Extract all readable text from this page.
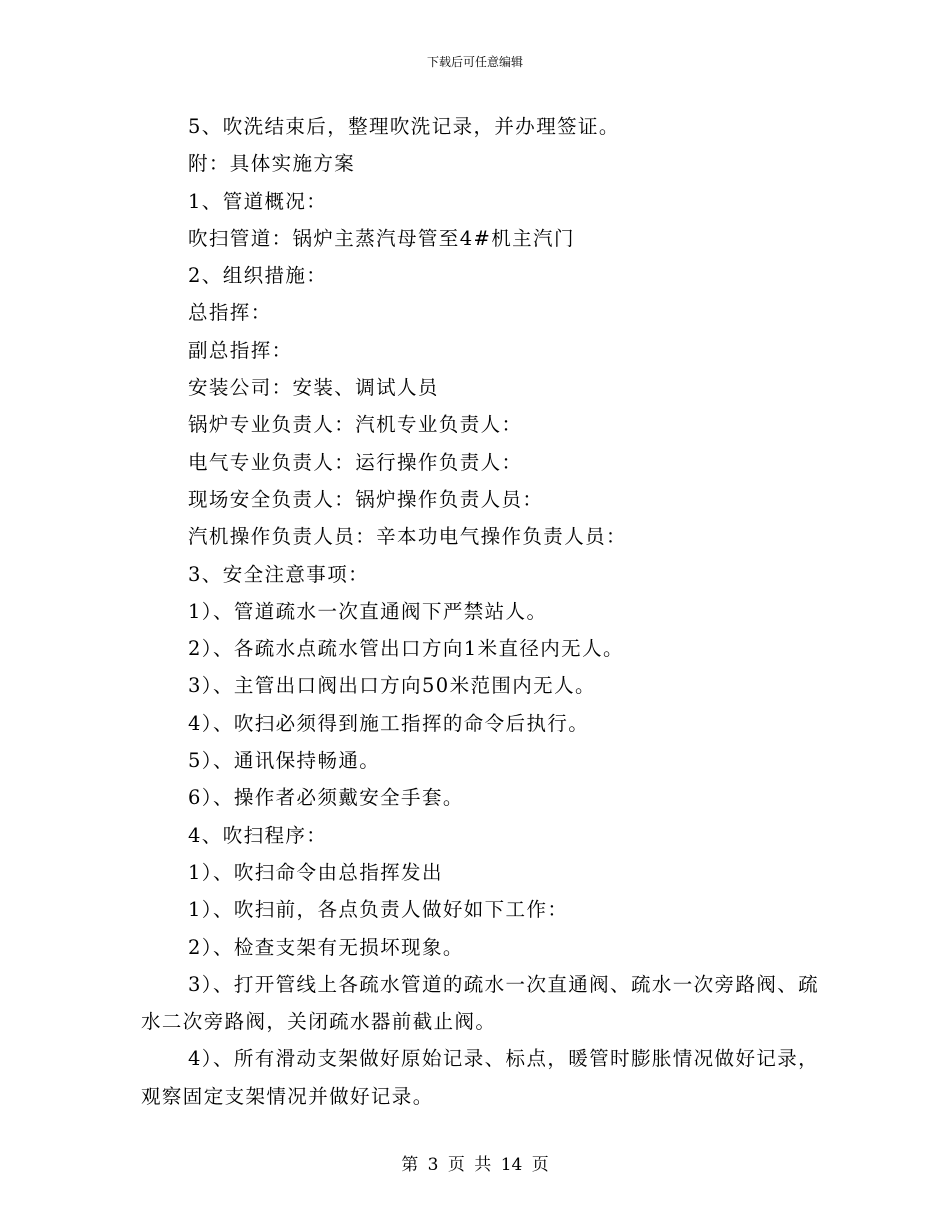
下载后可任意编辑

5、吹洗结束后，整理吹洗记录，并办理签证。

附：具体实施方案

1、管道概况：

吹扫管道：锅炉主蒸汽母管至4#机主汽门

2、组织措施：

总指挥：

副总指挥：

安装公司：安装、调试人员

锅炉专业负责人：汽机专业负责人：

电气专业负责人：运行操作负责人：

现场安全负责人：锅炉操作负责人员：

汽机操作负责人员：辛本功电气操作负责人员：

3、安全注意事项：

1）、管道疏水一次直通阀下严禁站人。

2）、各疏水点疏水管出口方向1米直径内无人。

3）、主管出口阀出口方向50米范围内无人。

4）、吹扫必须得到施工指挥的命令后执行。

5）、通讯保持畅通。

6）、操作者必须戴安全手套。

4、吹扫程序：

1）、吹扫命令由总指挥发出

1）、吹扫前，各点负责人做好如下工作：

2）、检查支架有无损坏现象。

3）、打开管线上各疏水管道的疏水一次直通阀、疏水一次旁路阀、疏水二次旁路阀，关闭疏水器前截止阀。

4）、所有滑动支架做好原始记录、标点，暖管时膨胀情况做好记录，观察固定支架情况并做好记录。

第 3 页 共 14 页
